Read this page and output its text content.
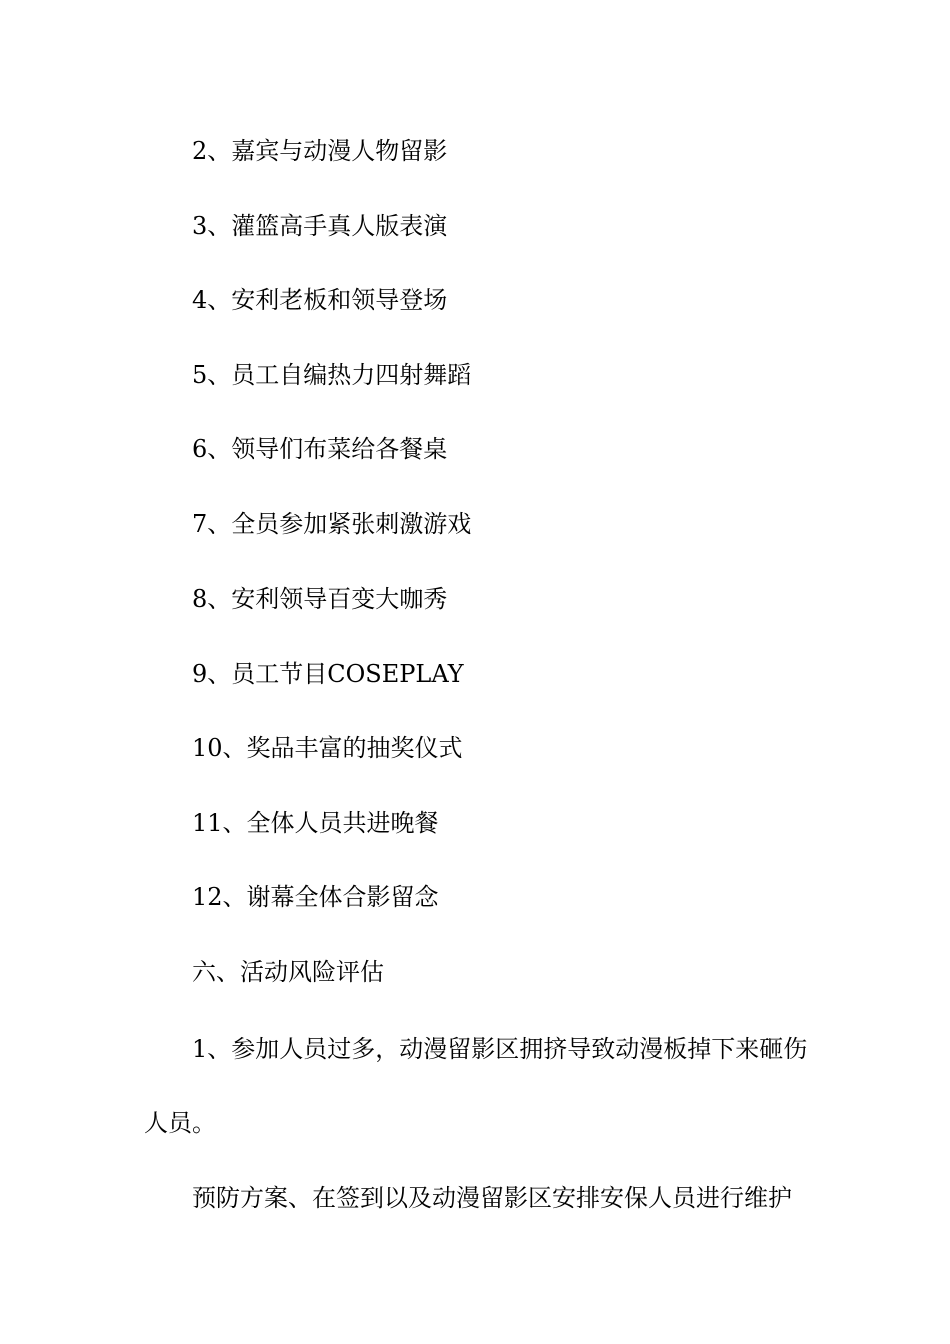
2、嘉宾与动漫人物留影

3、灌篮高手真人版表演

4、安利老板和领导登场

5、员工自编热力四射舞蹈

6、领导们布菜给各餐桌

7、全员参加紧张刺激游戏

8、安利领导百变大咖秀

9、员工节目COSEPLAY

10、奖品丰富的抽奖仪式

11、全体人员共进晚餐

12、谢幕全体合影留念

六、活动风险评估

1、参加人员过多，动漫留影区拥挤导致动漫板掉下来砸伤

人员。

预防方案、在签到以及动漫留影区安排安保人员进行维护
